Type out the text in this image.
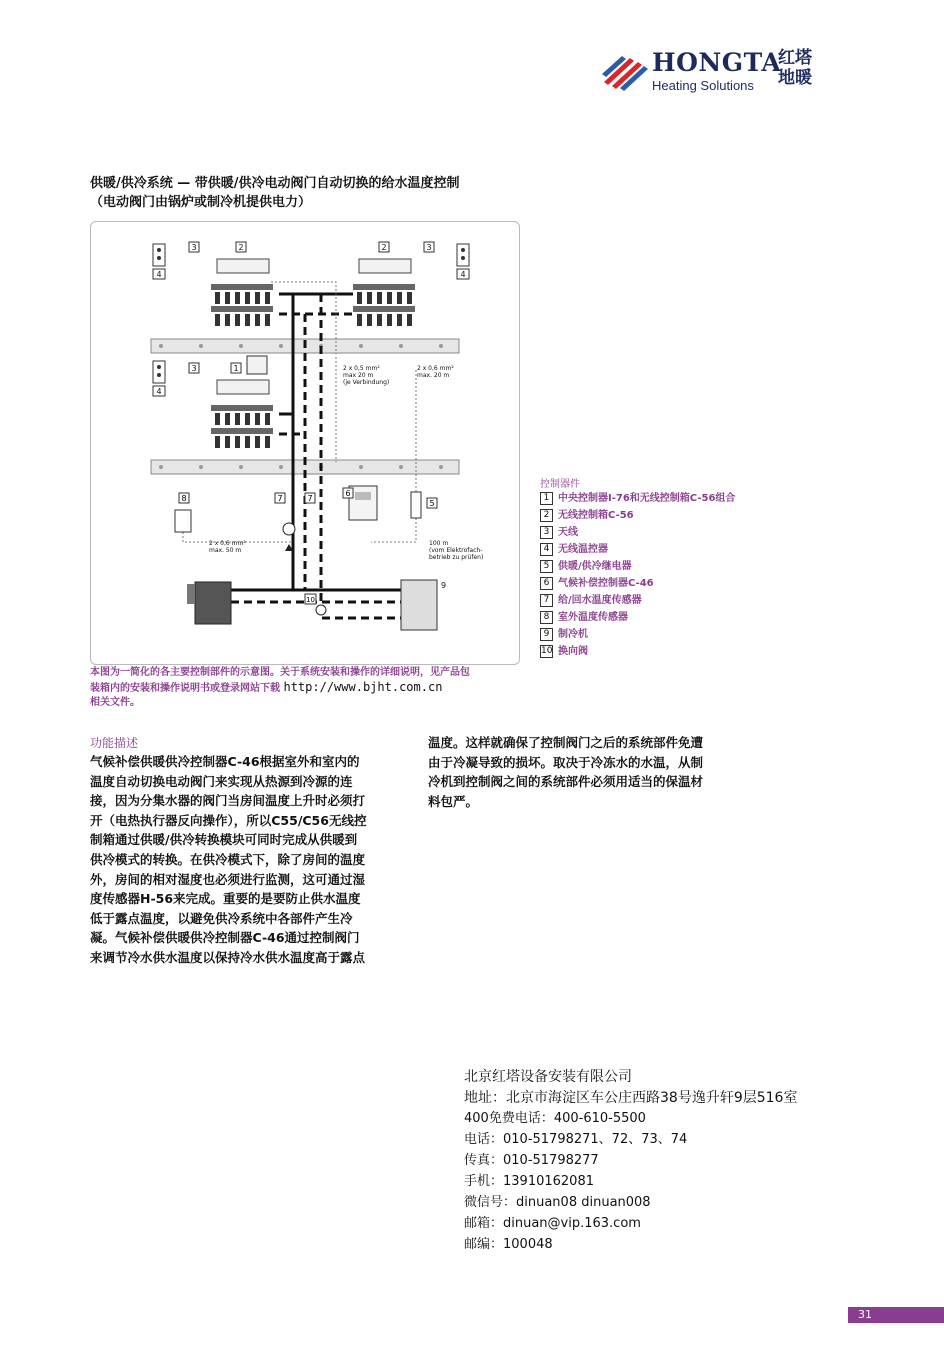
HONGTA
红塔
地暖
Heating Solutions
供暖/供冷系统 — 带供暖/供冷电动阀门自动切换的给水温度控制
（电动阀门由锅炉或制冷机提供电力）
4	4
4
2	2
3	3
3	1
9
10
6
7	7
8
5
2 x 0,5 mm²
max 20 m
(je Verbindung)
2 x 0,6 mm²
max. 20 m
2 x 0,6 mm²
max. 50 m
100 m
(vom Elektrofach-
betrieb zu prüfen)
控制器件
1 中央控制器I-76和无线控制箱C-56组合
2 无线控制箱C-56
3 天线
4 无线温控器
5 供暖/供冷继电器
6 气候补偿控制器C-46
7 给/回水温度传感器
8 室外温度传感器
9 制冷机
10 换向阀
本图为一简化的各主要控制部件的示意图。关于系统安装和操作的详细说明，见产品包
装箱内的安装和操作说明书或登录网站下载 http://www.bjht.com.cn
相关文件。
功能描述
气候补偿供暖供冷控制器C-46根据室外和室内的
温度自动切换电动阀门来实现从热源到冷源的连
接，因为分集水器的阀门当房间温度上升时必须打
开（电热执行器反向操作），所以C55/C56无线控
制箱通过供暖/供冷转换模块可同时完成从供暖到
供冷模式的转换。在供冷模式下，除了房间的温度
外，房间的相对湿度也必须进行监测，这可通过湿
度传感器H-56来完成。重要的是要防止供水温度
低于露点温度，以避免供冷系统中各部件产生冷
凝。气候补偿供暖供冷控制器C-46通过控制阀门
来调节冷水供水温度以保持冷水供水温度高于露点
温度。这样就确保了控制阀门之后的系统部件免遭
由于冷凝导致的损坏。取决于冷冻水的水温，从制
冷机到控制阀之间的系统部件必须用适当的保温材
料包严。
北京红塔设备安装有限公司
地址：北京市海淀区车公庄西路38号逸升轩9层516室
400免费电话：400-610-5500
电话：010-51798271、72、73、74
传真：010-51798277
手机：13910162081
微信号：dinuan08 dinuan008
邮箱：dinuan@vip.163.com
邮编：100048
31
